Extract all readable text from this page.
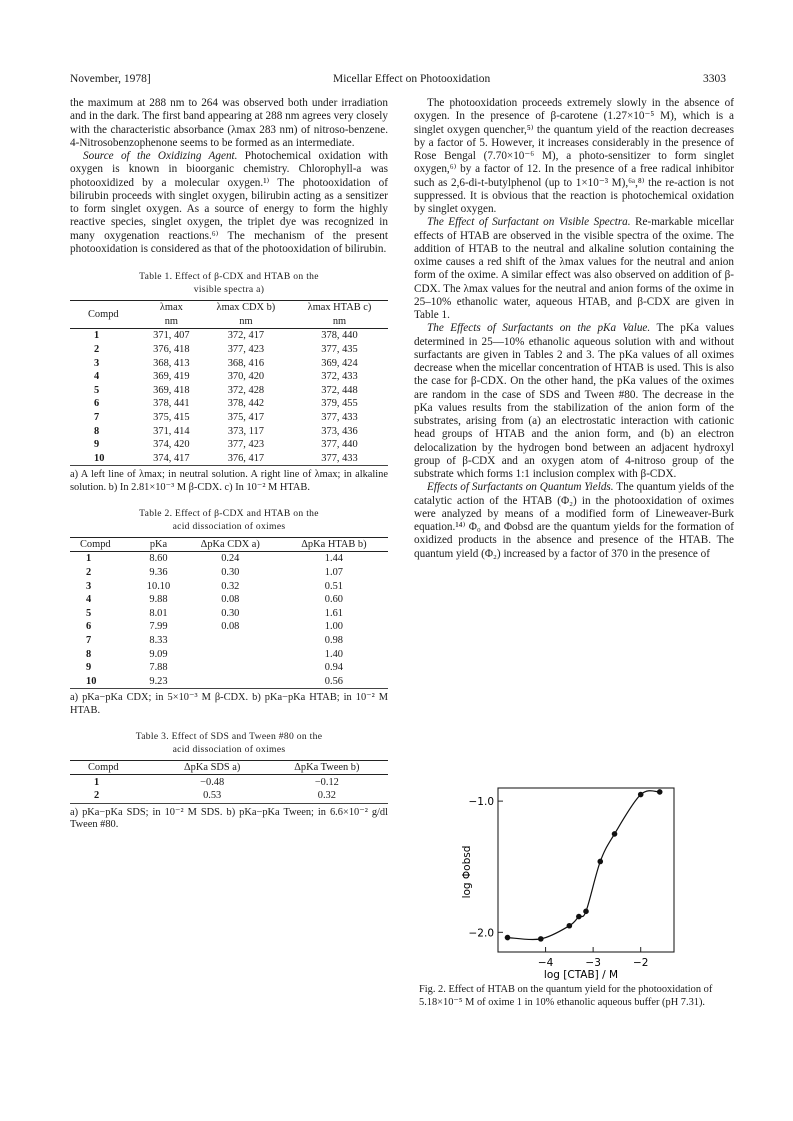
November, 1978]	Micellar Effect on Photooxidation	3303

the maximum at 288 nm to 264 was observed both under irradiation and in the dark. The first band appearing at 288 nm agrees very closely with the characteristic absorbance (λmax 283 nm) of nitroso-benzene. 4-Nitrosobenzophenone seems to be formed as an intermediate.

Source of the Oxidizing Agent. Photochemical oxidation with oxygen is known in bioorganic chemistry. Chlorophyll-a was photooxidized by a molecular oxygen.¹⁾ The photooxidation of bilirubin proceeds with singlet oxygen, bilirubin acting as a sensitizer to form singlet oxygen. As a source of energy to form the highly reactive species, singlet oxygen, the triplet dye was recognized in many oxygenation reactions.⁶⁾ The mechanism of the present photooxidation is considered as that of the photooxidation of bilirubin.

Table 1. Effect of β-CDX and HTAB on the

visible spectra a)

Compd	λmax	λmax CDX b)	λmax HTAB c)
	nm	nm	nm
1	371, 407	372, 417	378, 440
2	376, 418	377, 423	377, 435
3	368, 413	368, 416	369, 424
4	369, 419	370, 420	372, 433
5	369, 418	372, 428	372, 448
6	378, 441	378, 442	379, 455
7	375, 415	375, 417	377, 433
8	371, 414	373, 117	373, 436
9	374, 420	377, 423	377, 440
10	374, 417	376, 417	377, 433

a) A left line of λmax; in neutral solution. A right line of λmax; in alkaline solution. b) In 2.81×10⁻³ M β-CDX. c) In 10⁻² M HTAB.

Table 2. Effect of β-CDX and HTAB on the

acid dissociation of oximes

Compd	pKa	ΔpKa CDX a)	ΔpKa HTAB b)
1	8.60	0.24	1.44
2	9.36	0.30	1.07
3	10.10	0.32	0.51
4	9.88	0.08	0.60
5	8.01	0.30	1.61
6	7.99	0.08	1.00
7	8.33		0.98
8	9.09		1.40
9	7.88		0.94
10	9.23		0.56

a) pKa−pKa CDX; in 5×10⁻³ M β-CDX. b) pKa−pKa HTAB; in 10⁻² M HTAB.

Table 3. Effect of SDS and Tween #80 on the

acid dissociation of oximes

Compd	ΔpKa SDS a)	ΔpKa Tween b)
1	−0.48	−0.12
2	0.53	0.32

a) pKa−pKa SDS; in 10⁻² M SDS. b) pKa−pKa Tween; in 6.6×10⁻² g/dl Tween #80.

The photooxidation proceeds extremely slowly in the absence of oxygen. In the presence of β-carotene (1.27×10⁻⁵ M), which is a singlet oxygen quencher,⁵⁾ the quantum yield of the reaction decreases by a factor of 5. However, it increases considerably in the presence of Rose Bengal (7.70×10⁻⁶ M), a photo-sensitizer to form singlet oxygen,⁶⁾ by a factor of 12. In the presence of a free radical inhibitor such as 2,6-di-t-butylphenol (up to 1×10⁻³ M),⁶ᵃ,⁸⁾ the re-action is not suppressed. It is obvious that the reaction is photochemical oxidation by singlet oxygen.

The Effect of Surfactant on Visible Spectra. Re-markable micellar effects of HTAB are observed in the visible spectra of the oxime. The addition of HTAB to the neutral and alkaline solution containing the oxime causes a red shift of the λmax values for the neutral and anion form of the oxime. A similar effect was also observed on addition of β-CDX. The λmax values for the neutral and anion forms of the oxime in 25–10% ethanolic water, aqueous HTAB, and β-CDX are given in Table 1.

The Effects of Surfactants on the pKa Value. The pKa values determined in 25—10% ethanolic aqueous solution with and without surfactants are given in Tables 2 and 3. The pKa values of all oximes decrease when the micellar concentration of HTAB is used. This is also the case for β-CDX. On the other hand, the pKa values of the oximes are random in the case of SDS and Tween #80. The decrease in the pKa values results from the stabilization of the anion form of the substrates, arising from (a) an electrostatic interaction with cationic head groups of HTAB and the anion form, and (b) an electron delocalization by the hydrogen bond between an adjacent hydroxyl group of β-CDX and an oxygen atom of 4-nitroso group of the substrate which forms 1:1 inclusion complex with β-CDX.

Effects of Surfactants on Quantum Yields. The quantum yields of the catalytic action of the HTAB (Φ₂) in the photooxidation of oximes were analyzed by means of a modified form of Lineweaver-Burk equation.¹⁴⁾ Φ₀ and Φobsd are the quantum yields for the formation of oxidized products in the absence and presence of the HTAB. The quantum yield (Φ₂) increased by a factor of 370 in the presence of

−4	−3	−2
−1.0
−2.0
log Φobsd
log [CTAB] / M
Fig. 2. Effect of HTAB on the quantum yield for the photooxidation of 5.18×10⁻⁵ M of oxime 1 in 10% ethanolic aqueous buffer (pH 7.31).
